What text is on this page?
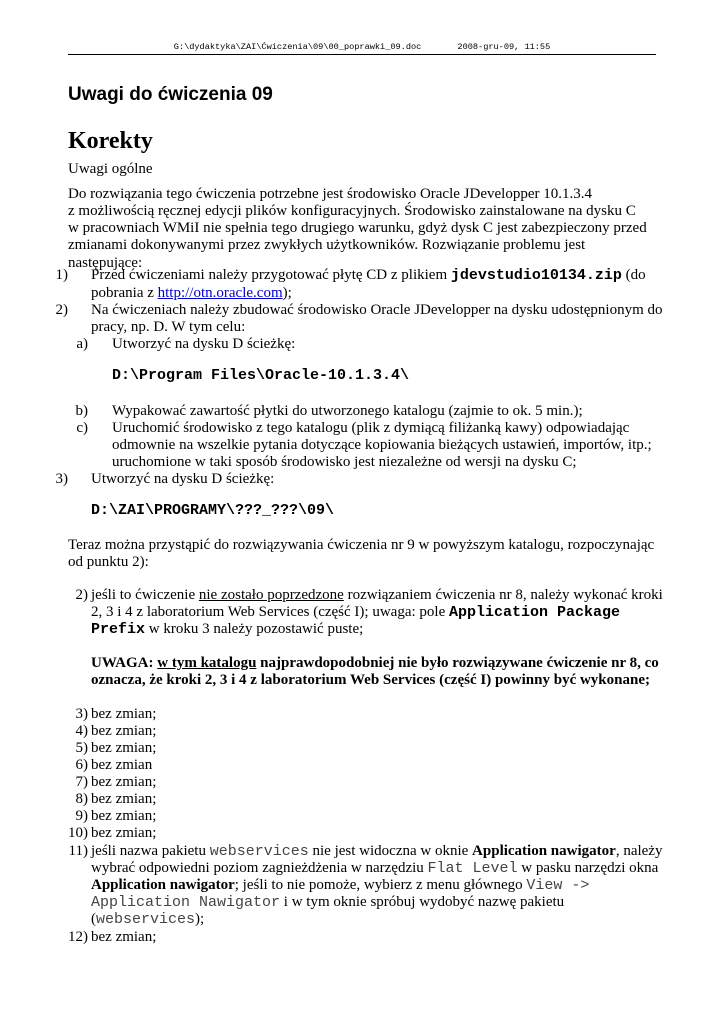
G:\dydaktyka\ZAI\Ćwiczenia\09\00_poprawki_09.doc       2008-gru-09, 11:55
Uwagi do ćwiczenia 09
Korekty
Uwagi ogólne
Do rozwiązania tego ćwiczenia potrzebne jest środowisko Oracle JDevelopper 10.1.3.4
z możliwością ręcznej edycji plików konfiguracyjnych. Środowisko zainstalowane na dysku C
w pracowniach WMiI nie spełnia tego drugiego warunku, gdyż dysk C jest zabezpieczony przed
zmianami dokonywanymi przez zwykłych użytkowników. Rozwiązanie problemu jest następujące:
1) Przed ćwiczeniami należy przygotować płytę CD z plikiem jdevstudio10134.zip (do
pobrania z http://otn.oracle.com);
2) Na ćwiczeniach należy zbudować środowisko Oracle JDevelopper na dysku udostępnionym do
pracy, np. D. W tym celu:
a) Utworzyć na dysku D ścieżkę:
D:\Program Files\Oracle-10.1.3.4\
b) Wypakować zawartość płytki do utworzonego katalogu (zajmie to ok. 5 min.);
c) Uruchomić środowisko z tego katalogu (plik z dymiącą filiżanką kawy) odpowiadając
odmownie na wszelkie pytania dotyczące kopiowania bieżących ustawień, importów, itp.;
uruchomione w taki sposób środowisko jest niezależne od wersji na dysku C;
3) Utworzyć na dysku D ścieżkę:
D:\ZAI\PROGRAMY\???_???\09\
Teraz można przystąpić do rozwiązywania ćwiczenia nr 9 w powyższym katalogu, rozpoczynając
od punktu 2):
2) jeśli to ćwiczenie nie zostało poprzedzone rozwiązaniem ćwiczenia nr 8, należy wykonać kroki
2, 3 i 4 z laboratorium Web Services (część I); uwaga: pole Application Package
Prefix w kroku 3 należy pozostawić puste;
UWAGA: w tym katalogu najprawdopodobniej nie było rozwiązywane ćwiczenie nr 8, co
oznacza, że kroki 2, 3 i 4 z laboratorium Web Services (część I) powinny być wykonane;
3) bez zmian;
4) bez zmian;
5) bez zmian;
6) bez zmian
7) bez zmian;
8) bez zmian;
9) bez zmian;
10) bez zmian;
11) jeśli nazwa pakietu webservices nie jest widoczna w oknie Application nawigator, należy
wybrać odpowiedni poziom zagnieżdżenia w narzędziu Flat Level w pasku narzędzi okna
Application nawigator; jeśli to nie pomoże, wybierz z menu głównego View ->
Application Nawigator i w tym oknie spróbuj wydobyć nazwę pakietu
(webservices);
12) bez zmian;
